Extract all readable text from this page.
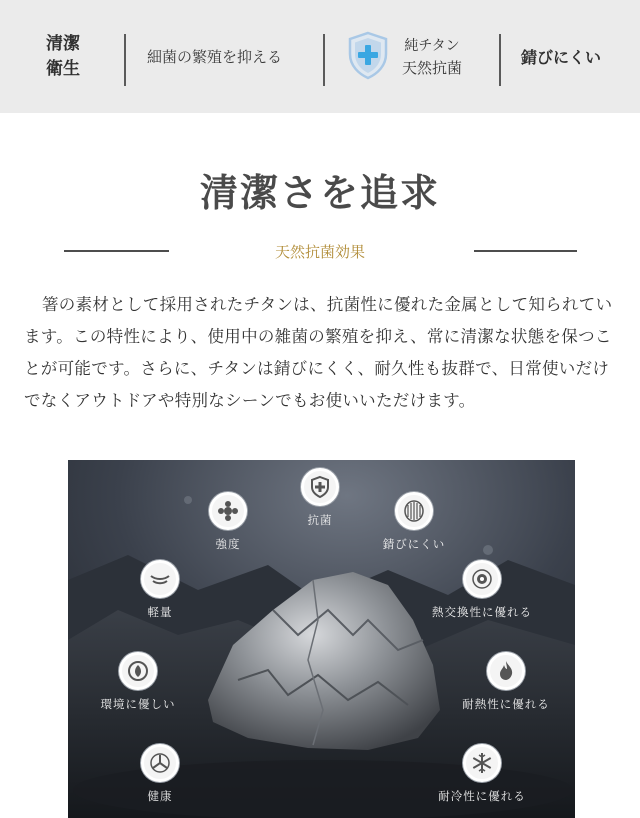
清潔
衛生
細菌の繁殖を抑える
純チタン
天然抗菌
錆びにくい
清潔さを追求
天然抗菌効果

箸の素材として採用されたチタンは、抗菌性に優れた金属として知られています。この特性により、使用中の雑菌の繁殖を抑え、常に清潔な状態を保つことが可能です。さらに、チタンは錆びにくく、耐久性も抜群で、日常使いだけでなくアウトドアや特別なシーンでもお使いいただけます。

強度
抗菌
錆びにくい
軽量	熱交換性に優れる
環境に優しい	耐熱性に優れる
健康	耐冷性に優れる
